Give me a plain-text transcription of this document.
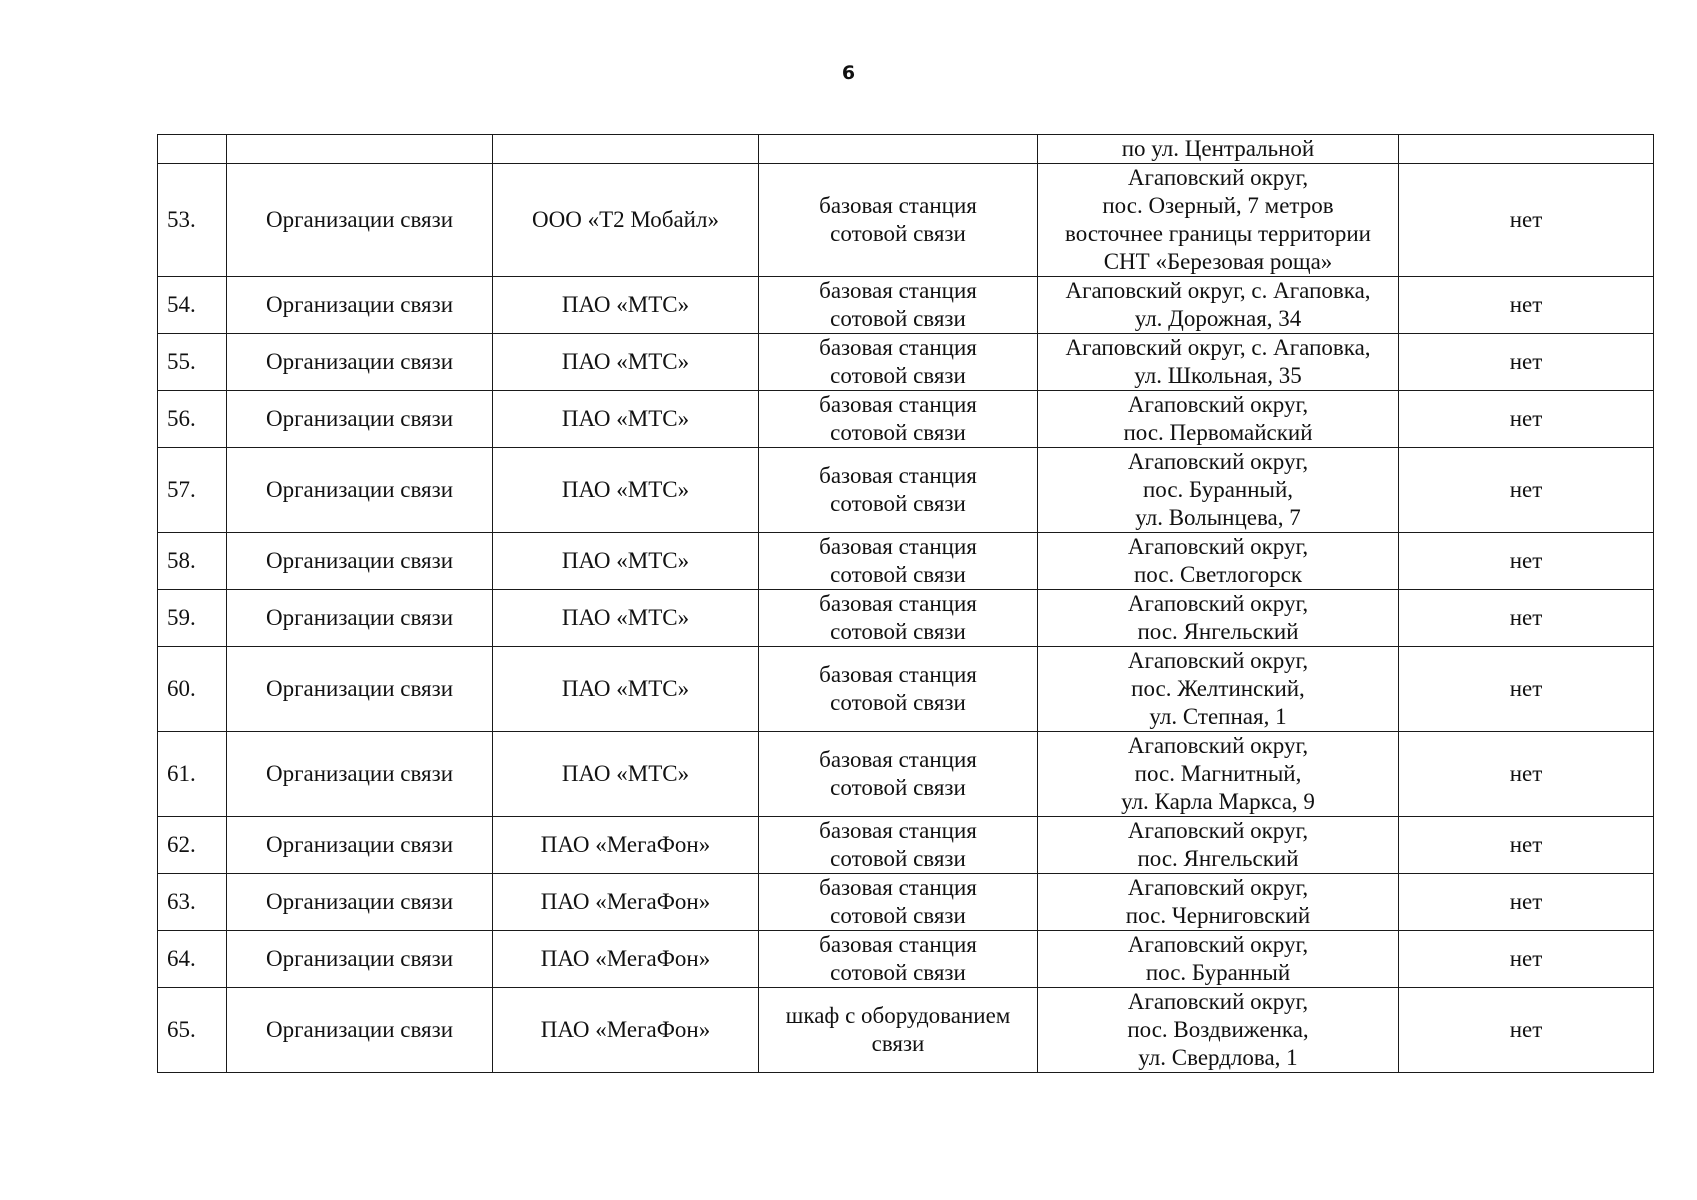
6

				по ул. Центральной	

53.	Организации связи	ООО «Т2 Мобайл»	базовая станция
сотовой связи	Агаповский округ,
пос. Озерный, 7 метров
восточнее границы территории
СНТ «Березовая роща»	нет
54.	Организации связи	ПАО «МТС»	базовая станция
сотовой связи	Агаповский округ, с. Агаповка,
ул. Дорожная, 34	нет
55.	Организации связи	ПАО «МТС»	базовая станция
сотовой связи	Агаповский округ, с. Агаповка,
ул. Школьная, 35	нет
56.	Организации связи	ПАО «МТС»	базовая станция
сотовой связи	Агаповский округ,
пос. Первомайский	нет
57.	Организации связи	ПАО «МТС»	базовая станция
сотовой связи	Агаповский округ,
пос. Буранный,
ул. Волынцева, 7	нет
58.	Организации связи	ПАО «МТС»	базовая станция
сотовой связи	Агаповский округ,
пос. Светлогорск	нет
59.	Организации связи	ПАО «МТС»	базовая станция
сотовой связи	Агаповский округ,
пос. Янгельский	нет
60.	Организации связи	ПАО «МТС»	базовая станция
сотовой связи	Агаповский округ,
пос. Желтинский,
ул. Степная, 1	нет
61.	Организации связи	ПАО «МТС»	базовая станция
сотовой связи	Агаповский округ,
пос. Магнитный,
ул. Карла Маркса, 9	нет
62.	Организации связи	ПАО «МегаФон»	базовая станция
сотовой связи	Агаповский округ,
пос. Янгельский	нет
63.	Организации связи	ПАО «МегаФон»	базовая станция
сотовой связи	Агаповский округ,
пос. Черниговский	нет
64.	Организации связи	ПАО «МегаФон»	базовая станция
сотовой связи	Агаповский округ,
пос. Буранный	нет
65.	Организации связи	ПАО «МегаФон»	шкаф с оборудованием
связи	Агаповский округ,
пос. Воздвиженка,
ул. Свердлова, 1	нет
